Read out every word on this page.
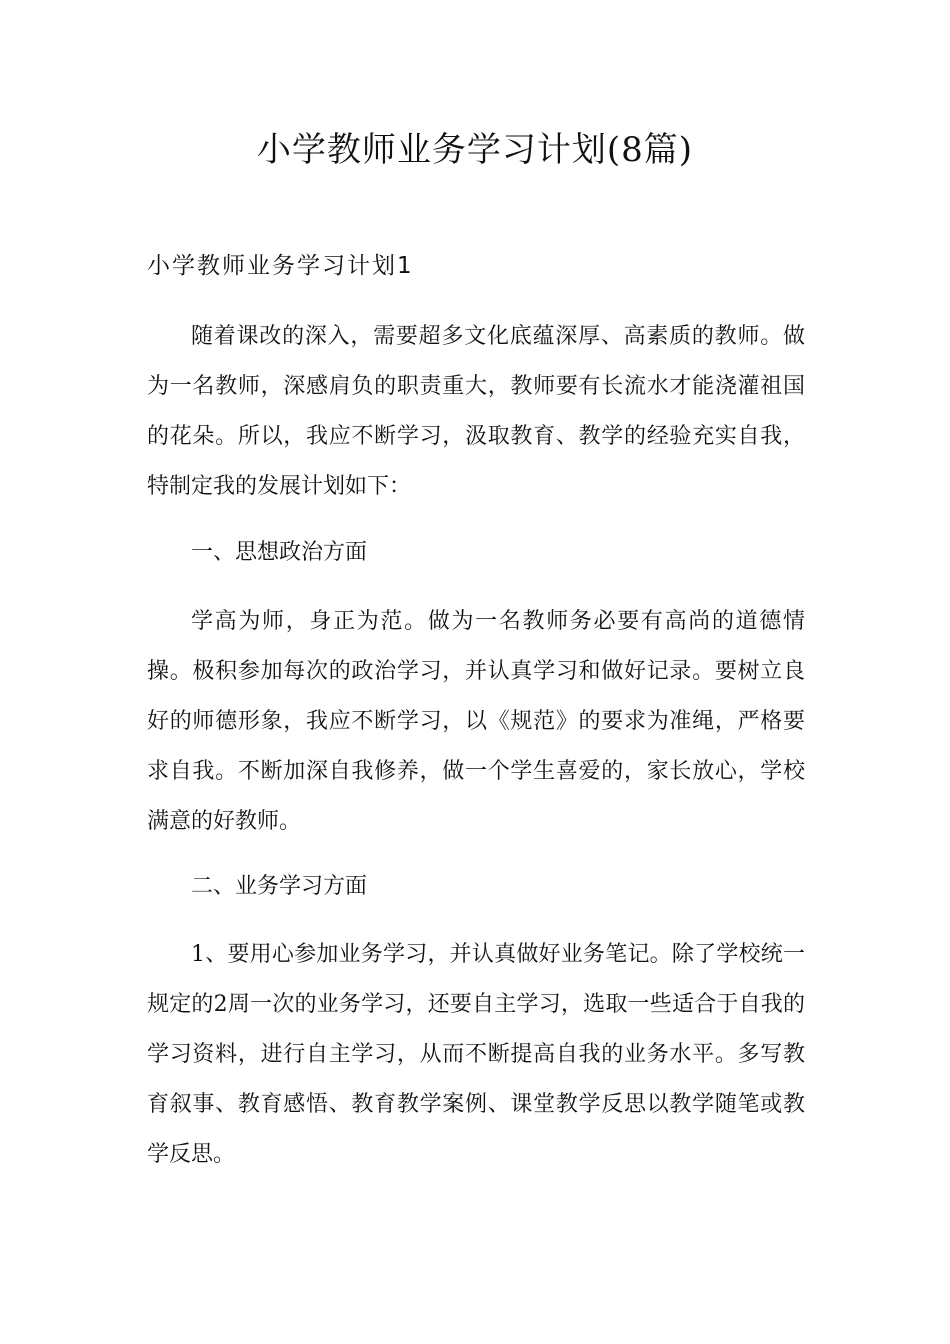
小学教师业务学习计划(8篇)
小学教师业务学习计划1

随着课改的深入，需要超多文化底蕴深厚、高素质的教师。做为一名教师，深感肩负的职责重大，教师要有长流水才能浇灌祖国的花朵。所以，我应不断学习，汲取教育、教学的经验充实自我，特制定我的发展计划如下：

一、思想政治方面

学高为师，身正为范。做为一名教师务必要有高尚的道德情操。极积参加每次的政治学习，并认真学习和做好记录。要树立良好的师德形象，我应不断学习，以《规范》的要求为准绳，严格要求自我。不断加深自我修养，做一个学生喜爱的，家长放心，学校满意的好教师。

二、业务学习方面

1、要用心参加业务学习，并认真做好业务笔记。除了学校统一规定的2周一次的业务学习，还要自主学习，选取一些适合于自我的学习资料，进行自主学习，从而不断提高自我的业务水平。多写教育叙事、教育感悟、教育教学案例、课堂教学反思以教学随笔或教学反思。
